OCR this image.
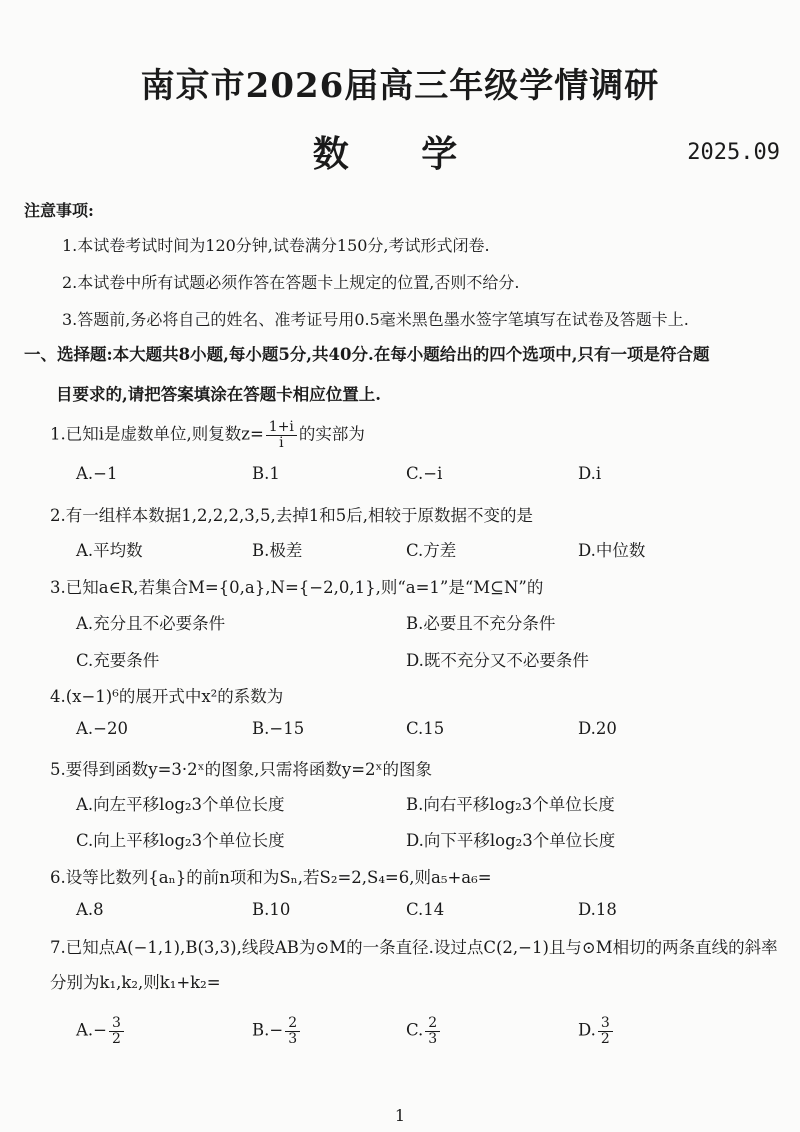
南京市2026届高三年级学情调研
数 学	2025.09
注意事项:
1.本试卷考试时间为120分钟,试卷满分150分,考试形式闭卷.
2.本试卷中所有试题必须作答在答题卡上规定的位置,否则不给分.
3.答题前,务必将自己的姓名、准考证号用0.5毫米黑色墨水签字笔填写在试卷及答题卡上.
一、选择题:本大题共8小题,每小题5分,共40分.在每小题给出的四个选项中,只有一项是符合题
目要求的,请把答案填涂在答题卡相应位置上.
1.已知i是虚数单位,则复数$z= \frac{1+i}{i}$ 的实部为
A.−1	B.1	C.−i	D.i
2.有一组样本数据1,2,2,2,3,5,去掉1和5后,相较于原数据不变的是
A.平均数	B.极差	C.方差	D.中位数
3.已知a∈R,若集合M={0,a},N={−2,0,1},则“a=1”是“M⊆N”的
A.充分且不必要条件	B.必要且不充分条件
C.充要条件	D.既不充分又不必要条件
4.(x−1)⁶的展开式中x²的系数为
A.−20	B.−15	C.15	D.20
5.要得到函数y=3·2ˣ的图象,只需将函数y=2ˣ的图象
A.向左平移log₂3个单位长度	B.向右平移log₂3个单位长度
C.向上平移log₂3个单位长度	D.向下平移log₂3个单位长度
6.设等比数列{aₙ}的前n项和为Sₙ,若S₂=2,S₄=6,则a₅+a₆=
A.8	B.10	C.14	D.18
7.已知点A(−1,1),B(3,3),线段AB为⊙M的一条直径.设过点C(2,−1)且与⊙M相切的两条直线的斜率分别为k₁,k₂,则k₁+k₂=
$A.- \frac{3}{2}$	$B.- \frac{2}{3}$	C. $\frac{2}{3}$	D. $\frac{3}{2}$
1
